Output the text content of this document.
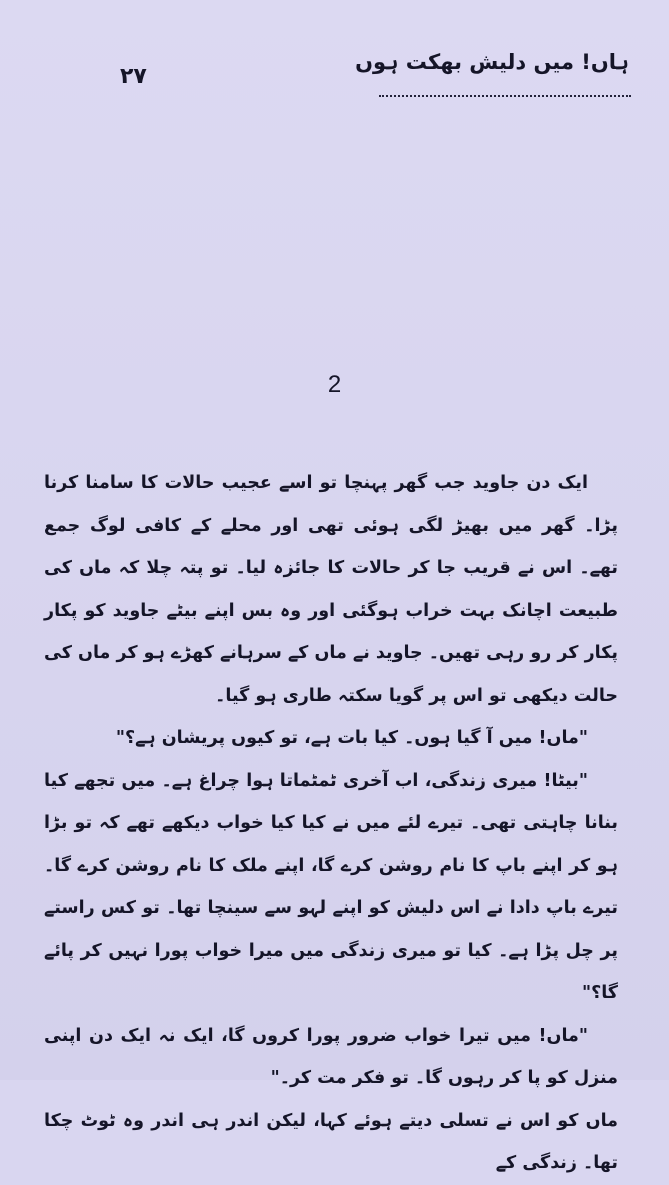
ہاں! میں دلیش بھکت ہوں
۲۷
2

ایک دن جاوید جب گھر پہنچا تو اسے عجیب حالات کا سامنا کرنا پڑا۔ گھر میں بھیڑ لگی ہوئی تھی اور محلے کے کافی لوگ جمع تھے۔ اس نے قریب جا کر حالات کا جائزہ لیا۔ تو پتہ چلا کہ ماں کی طبیعت اچانک بہت خراب ہوگئی اور وہ بس اپنے بیٹے جاوید کو پکار پکار کر رو رہی تھیں۔ جاوید نے ماں کے سرہانے کھڑے ہو کر ماں کی حالت دیکھی تو اس پر گویا سکتہ طاری ہو گیا۔

"ماں! میں آ گیا ہوں۔ کیا بات ہے، تو کیوں پریشان ہے؟"

"بیٹا! میری زندگی، اب آخری ٹمٹماتا ہوا چراغ ہے۔ میں تجھے کیا بنانا چاہتی تھی۔ تیرے لئے میں نے کیا کیا خواب دیکھے تھے کہ تو بڑا ہو کر اپنے باپ کا نام روشن کرے گا، اپنے ملک کا نام روشن کرے گا۔ تیرے باپ دادا نے اس دلیش کو اپنے لہو سے سینچا تھا۔ تو کس راستے پر چل پڑا ہے۔ کیا تو میری زندگی میں میرا خواب پورا نہیں کر پائے گا؟"

"ماں! میں تیرا خواب ضرور پورا کروں گا، ایک نہ ایک دن اپنی منزل کو پا کر رہوں گا۔ تو فکر مت کر۔"

ماں کو اس نے تسلی دیتے ہوئے کہا، لیکن اندر ہی اندر وہ ٹوٹ چکا تھا۔ زندگی کے
